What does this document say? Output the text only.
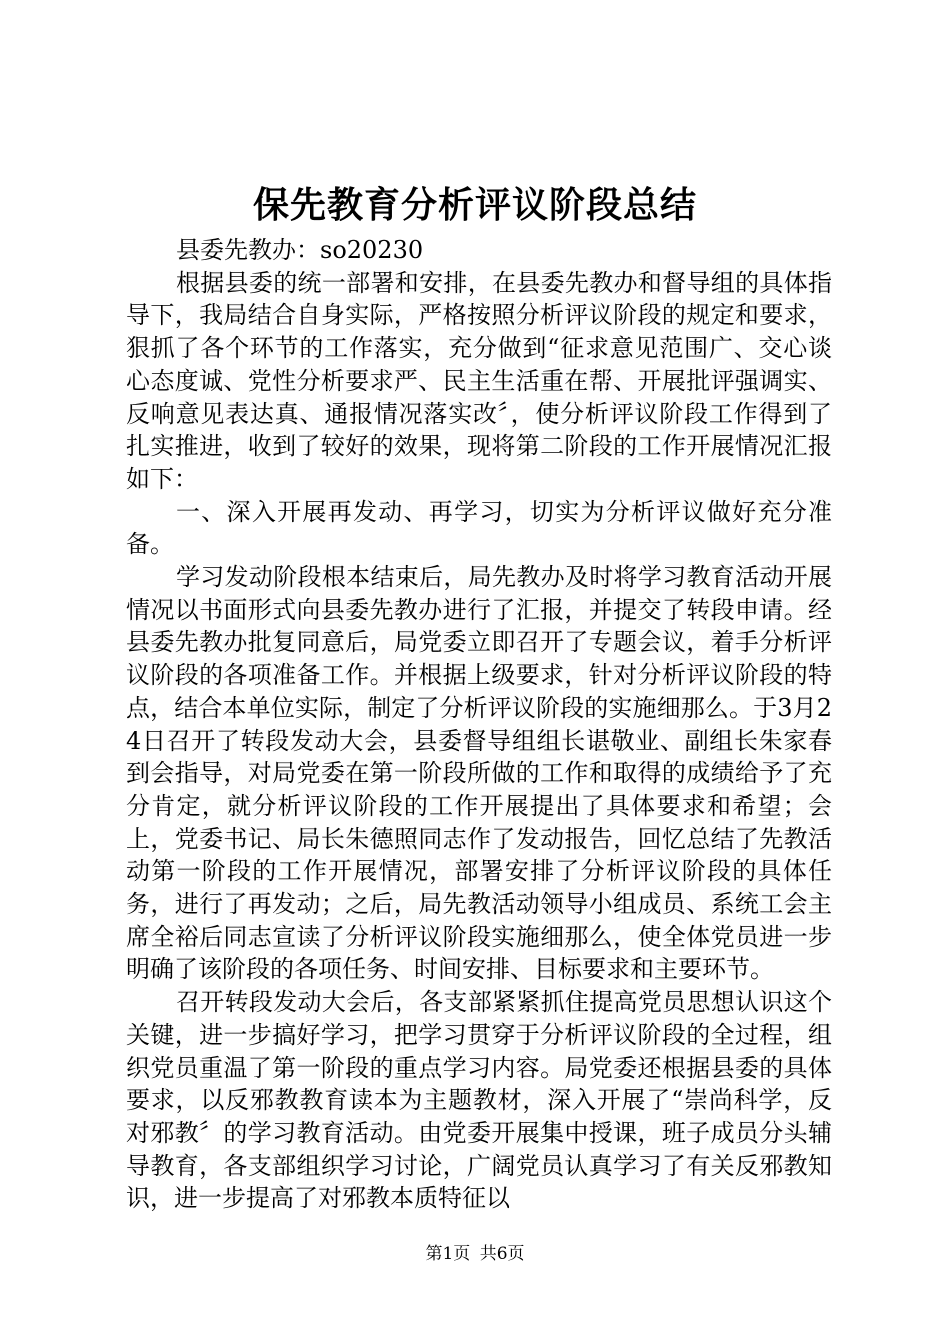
保先教育分析评议阶段总结

县委先教办：so20230

根据县委的统一部署和安排，在县委先教办和督导组的具体指导下，我局结合自身实际，严格按照分析评议阶段的规定和要求，狠抓了各个环节的工作落实，充分做到“征求意见范围广、交心谈心态度诚、党性分析要求严、民主生活重在帮、开展批评强调实、反响意见表达真、通报情况落实改〞，使分析评议阶段工作得到了扎实推进，收到了较好的效果，现将第二阶段的工作开展情况汇报如下：

一、深入开展再发动、再学习，切实为分析评议做好充分准备。

学习发动阶段根本结束后，局先教办及时将学习教育活动开展情况以书面形式向县委先教办进行了汇报，并提交了转段申请。经县委先教办批复同意后，局党委立即召开了专题会议，着手分析评议阶段的各项准备工作。并根据上级要求，针对分析评议阶段的特点，结合本单位实际，制定了分析评议阶段的实施细那么。于3月24日召开了转段发动大会，县委督导组组长谌敬业、副组长朱家春到会指导，对局党委在第一阶段所做的工作和取得的成绩给予了充分肯定，就分析评议阶段的工作开展提出了具体要求和希望；会上，党委书记、局长朱德照同志作了发动报告，回忆总结了先教活动第一阶段的工作开展情况，部署安排了分析评议阶段的具体任务，进行了再发动；之后，局先教活动领导小组成员、系统工会主席全裕后同志宣读了分析评议阶段实施细那么，使全体党员进一步明确了该阶段的各项任务、时间安排、目标要求和主要环节。

召开转段发动大会后，各支部紧紧抓住提高党员思想认识这个关键，进一步搞好学习，把学习贯穿于分析评议阶段的全过程，组织党员重温了第一阶段的重点学习内容。局党委还根据县委的具体要求，以反邪教教育读本为主题教材，深入开展了“崇尚科学，反对邪教〞的学习教育活动。由党委开展集中授课，班子成员分头辅导教育，各支部组织学习讨论，广阔党员认真学习了有关反邪教知识，进一步提高了对邪教本质特征以

第1页 共6页
